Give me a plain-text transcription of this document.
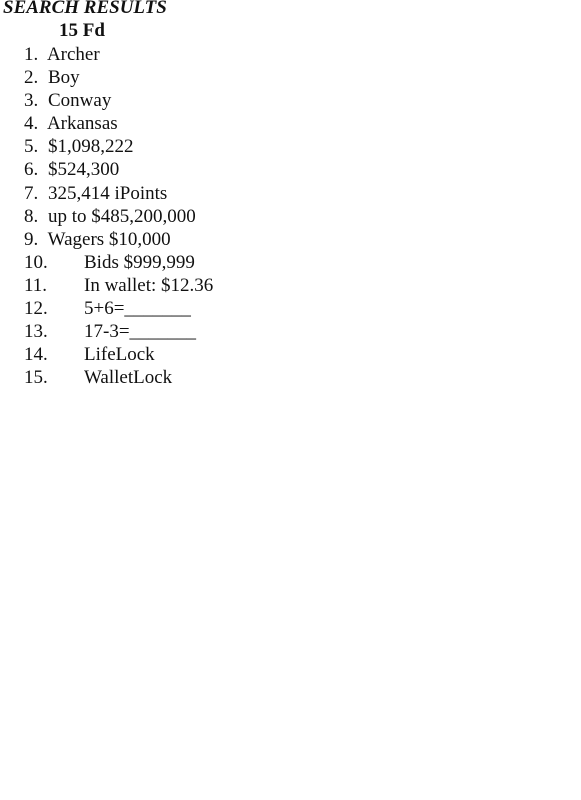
SEARCH RESULTS
15 Fd
1. Archer
2. Boy
3. Conway
4. Arkansas
5. $1,098,222
6. $524,300
7. 325,414 iPoints
8. up to $485,200,000
9. Wagers $10,000
10. Bids $999,999
11. In wallet: $12.36
12. 5+6=_______
13. 17-3=_______
14. LifeLock
15. WalletLock
